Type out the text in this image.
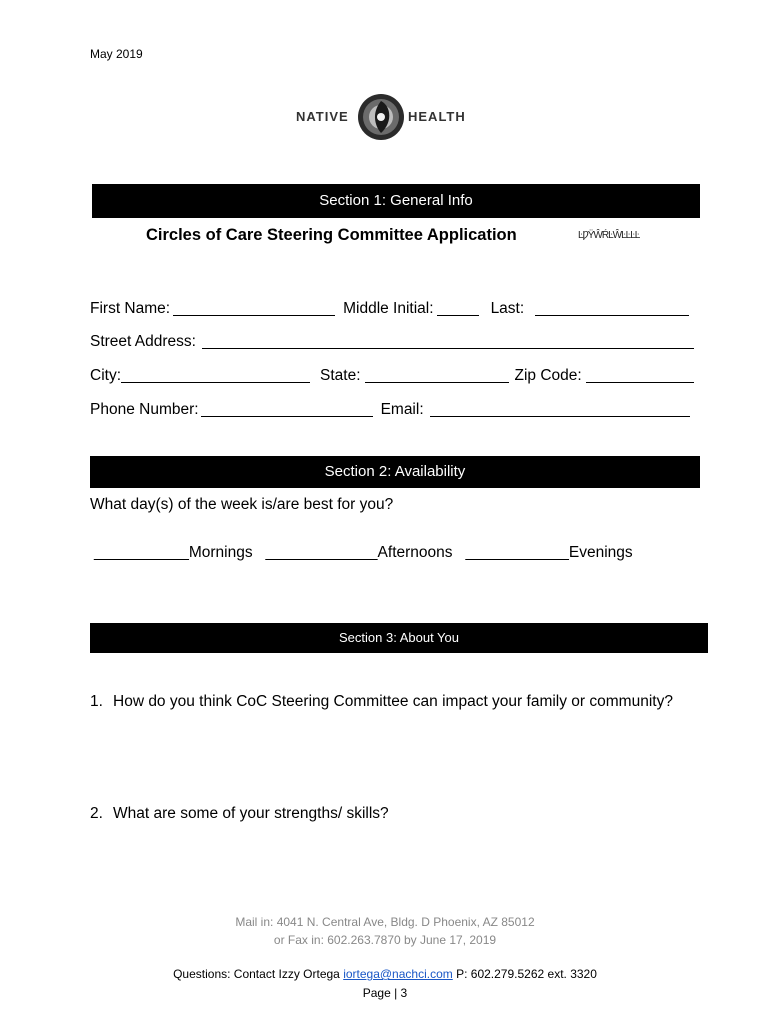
May 2019
NATIVE	HEALTH
Section 1: General Info
Circles of Care Steering Committee Application	ĿǷŸŴŔĿŴĿĿĿĿ
First Name:	Middle Initial:	Last:
Street Address:
City:	State:	Zip Code:
Phone Number:	Email:
Section 2: Availability
What day(s) of the week is/are best for you?
___________Mornings   _____________Afternoons   ____________Evenings
Section 3: About You
1. How do you think CoC Steering Committee can impact your family or community?
2. What are some of your strengths/ skills?
Mail in: 4041 N. Central Ave, Bldg. D Phoenix, AZ 85012
or Fax in: 602.263.7870 by June 17, 2019
Questions: Contact Izzy Ortega iortega@nachci.com P: 602.279.5262 ext. 3320
Page | 3
